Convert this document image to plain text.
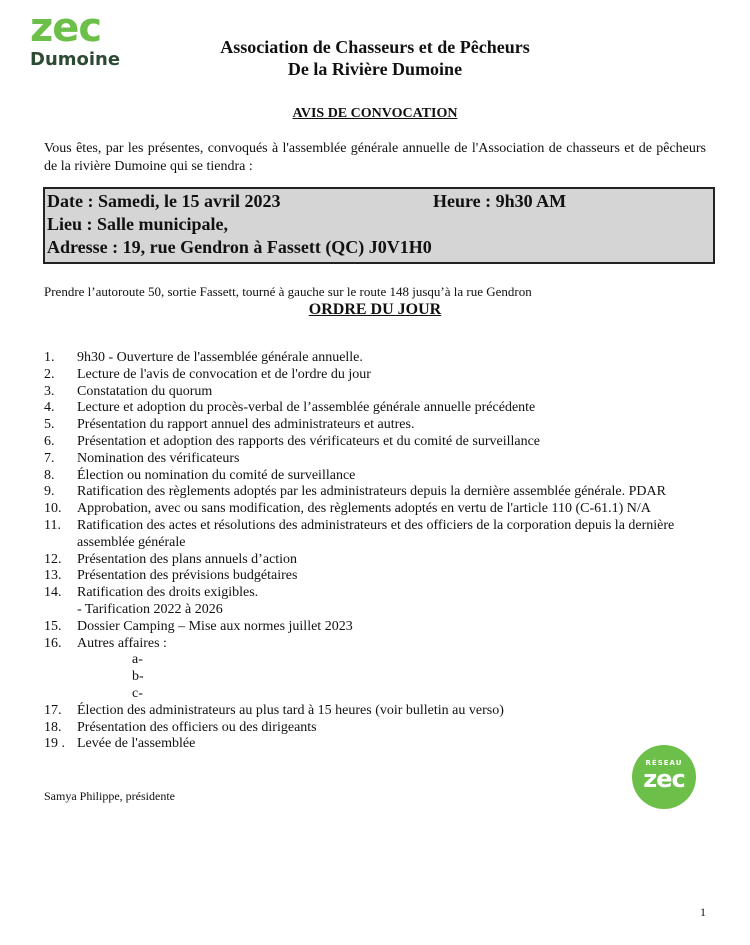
zec
Dumoine
Association de Chasseurs et de Pêcheurs
De la Rivière Dumoine
AVIS DE CONVOCATION
Vous êtes, par les présentes, convoqués à l'assemblée générale annuelle de l'Association de chasseurs et de pêcheurs de la rivière Dumoine qui se tiendra :
Date : Samedi, le 15 avril 2023	Heure : 9h30 AM
Lieu : Salle municipale,
Adresse : 19, rue Gendron à Fassett (QC) J0V1H0
Prendre l’autoroute 50, sortie Fassett, tourné à gauche sur le route 148 jusqu’à la rue Gendron
ORDRE DU JOUR
1. 9h30 - Ouverture de l'assemblée générale annuelle.
2. Lecture de l'avis de convocation et de l'ordre du jour
3. Constatation du quorum
4. Lecture et adoption du procès-verbal de l’assemblée générale annuelle précédente
5. Présentation du rapport annuel des administrateurs et autres.
6. Présentation et adoption des rapports des vérificateurs et du comité de surveillance
7. Nomination des vérificateurs
8. Élection ou nomination du comité de surveillance
9. Ratification des règlements adoptés par les administrateurs depuis la dernière assemblée générale. PDAR
10. Approbation, avec ou sans modification, des règlements adoptés en vertu de l'article 110 (C-61.1) N/A
11. Ratification des actes et résolutions des administrateurs et des officiers de la corporation depuis la dernière assemblée générale
12. Présentation des plans annuels d’action
13. Présentation des prévisions budgétaires
14. Ratification des droits exigibles.
- Tarification 2022 à 2026
15. Dossier Camping – Mise aux normes juillet 2023
16. Autres affaires :
a-
b-
c-
17. Élection des administrateurs au plus tard à 15 heures (voir bulletin au verso)
18. Présentation des officiers ou des dirigeants
19 . Levée de l'assemblée
RÉSEAU
zec
Samya Philippe, présidente
1
